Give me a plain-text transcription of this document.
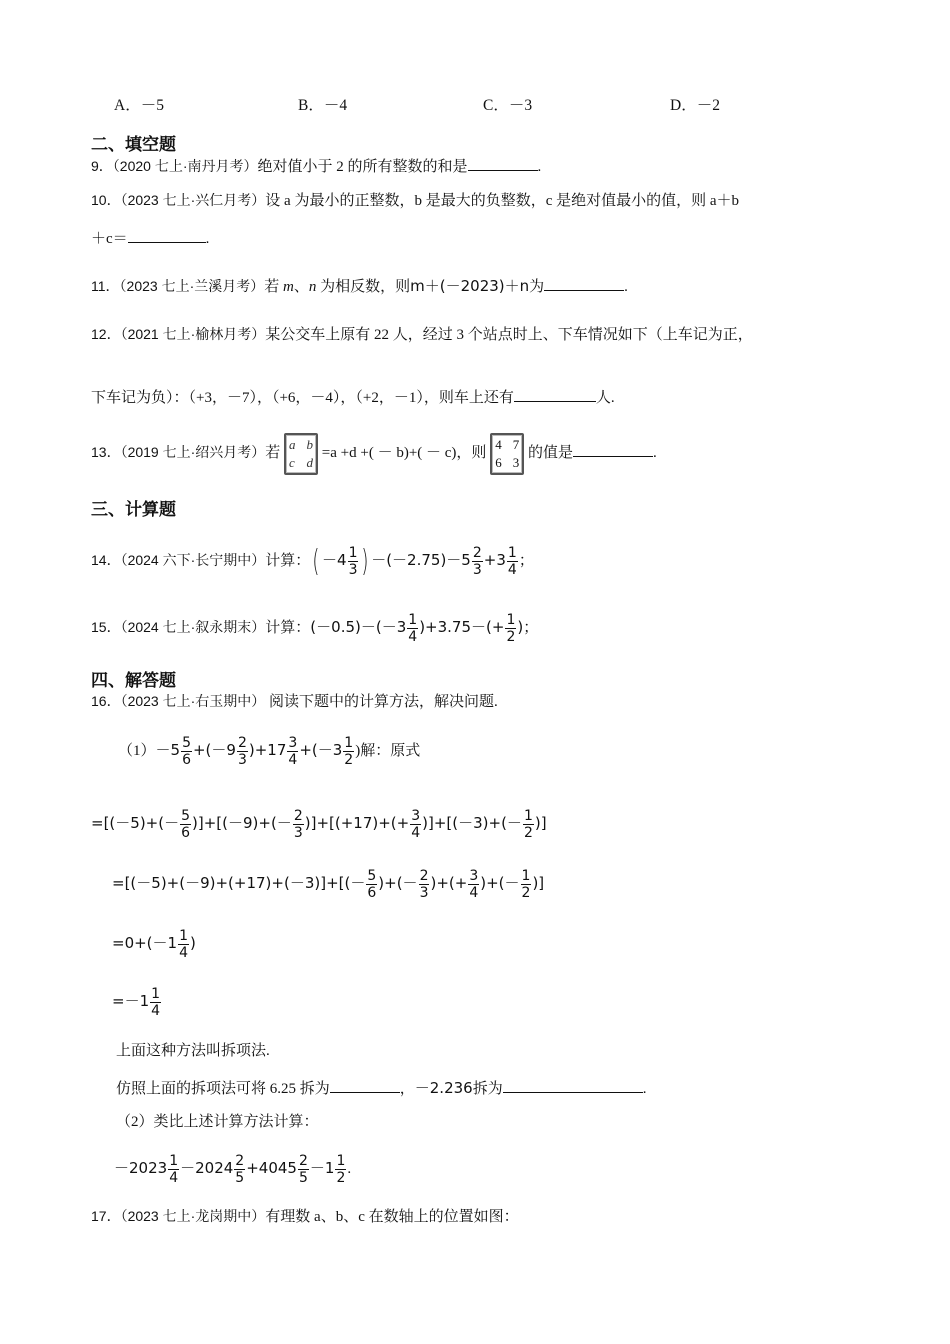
A．－5	B．－4	C．－3	D．－2
二、填空题
9．（2020 七上·南丹月考）绝对值小于 2 的所有整数的和是	.
10．（2023 七上·兴仁月考）设 a 为最小的正整数，b 是最大的负整数，c 是绝对值最小的值，则 a＋b
＋c＝	.
11．（2023 七上·兰溪月考）若 m、n 为相反数，则m＋(－2023)＋n为	.
12．（2021 七上·榆林月考）某公交车上原有 22 人，经过 3 个站点时上、下车情况如下（上车记为正，
下车记为负）：（+3，－7），（+6，－4），（+2，－1），则车上还有	人.
13．（2019 七上·绍兴月考）若
a b
c d
=a +d +( － b)+( － c)，则
4 7
6 3
的值是	.
三、计算题
14．（2024 六下·长宁期中）计算：( $-4 \frac{1}{3}$ ) $-(-2.75)-5 \frac{2}{3} +3 \frac{1}{4}$ ；
15．（2024 七上·叙永期末）计算：$(-0.5)-(-3 \frac{1}{4} )+3.75-(+ \frac{1}{2}$ )；
四、解答题
16．（2023 七上·右玉期中） 阅读下题中的计算方法，解决问题.
$(1)-5 \frac{5}{6} +(-9 \frac{2}{3} )+17 \frac{3}{4} +(-3 \frac{1}{2}$ )解：原式
$=[(-5)+(- \frac{5}{6} )]+[(-9)+(- \frac{2}{3} )]+[(+17)+(+ \frac{3}{4} )]+[(-3)+(- \frac{1}{2}$ )]
$=[(-5)+(-9)+(+17)+(-3)]+[(- \frac{5}{6}$ )+(－ $\frac{2}{3}$ )+(+ $\frac{3}{4}$ )+(－ $\frac{1}{2}$ )]
$=0+(-1 \frac{1}{4}$ )
$=-1 \frac{1}{4}$
上面这种方法叫拆项法.
仿照上面的拆项法可将 6.25 拆为	，－2.236拆为	.
（2）类比上述计算方法计算：
$-2023 \frac{1}{4} -2024 \frac{2}{5} +4045 \frac{2}{5} -1 \frac{1}{2}$ .
17．（2023 七上·龙岗期中）有理数 a、b、c 在数轴上的位置如图：
